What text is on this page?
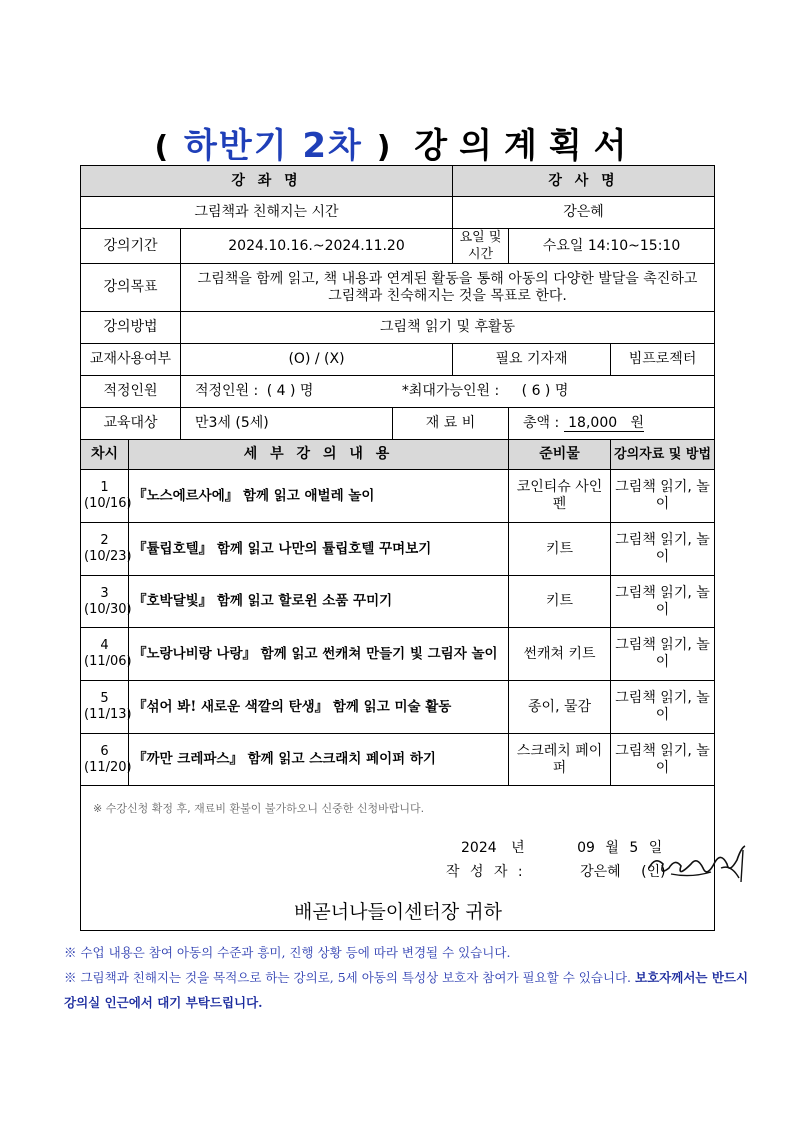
( 하반기 2차 ) 강의계획서
강 좌 명				강 사 명		
그림책과 친해지는 시간				강은혜		
강의기간		2024.10.16.~2024.11.20		요일 및 시간	수요일 14:10~15:10	
강의목표		그림책을 함께 읽고, 책 내용과 연계된 활동을 통해 아동의 다양한 발달을 촉진하고 그림책과 친숙해지는 것을 목표로 한다.				
강의방법		그림책 읽기 및 후활동				
교재사용여부		(O) / (X)		필요 기자재		빔프로젝터
적정인원		적정인원 : ( 4 ) 명 *최대가능인원 : ( 6 ) 명				
교육대상		만3세 (5세)	재 료 비		총액 : 18,000 원	
차시	세 부 강 의 내 용				준비물	강의자료 및 방법
1
(10/16)	『노스에르사에』 함께 읽고 애벌레 놀이				코인티슈 사인펜	그림책 읽기, 놀이
2
(10/23)	『튤립호텔』 함께 읽고 나만의 튤립호텔 꾸며보기				키트	그림책 읽기, 놀이
3
(10/30)	『호박달빛』 함께 읽고 할로윈 소품 꾸미기				키트	그림책 읽기, 놀이
4
(11/06)	『노랑나비랑 나랑』 함께 읽고 썬캐쳐 만들기 빛 그림자 놀이				썬캐쳐 키트	그림책 읽기, 놀이
5
(11/13)	『섞어 봐! 새로운 색깔의 탄생』 함께 읽고 미술 활동				종이, 물감	그림책 읽기, 놀이
6
(11/20)	『까만 크레파스』 함께 읽고 스크래치 페이퍼 하기				스크레치 페이퍼	그림책 읽기, 놀이

※ 수강신청 확정 후, 재료비 환불이 불가하오니 신중한 신청바랍니다.
2024 년 09 월 5 일
작 성 자 : 강은혜 (인)
배곧너나들이센터장 귀하						
※ 수업 내용은 참여 아동의 수준과 흥미, 진행 상황 등에 따라 변경될 수 있습니다.
※ 그림책과 친해지는 것을 목적으로 하는 강의로, 5세 아동의 특성상 보호자 참여가 필요할 수 있습니다. 보호자께서는 반드시 강의실 인근에서 대기 부탁드립니다.
